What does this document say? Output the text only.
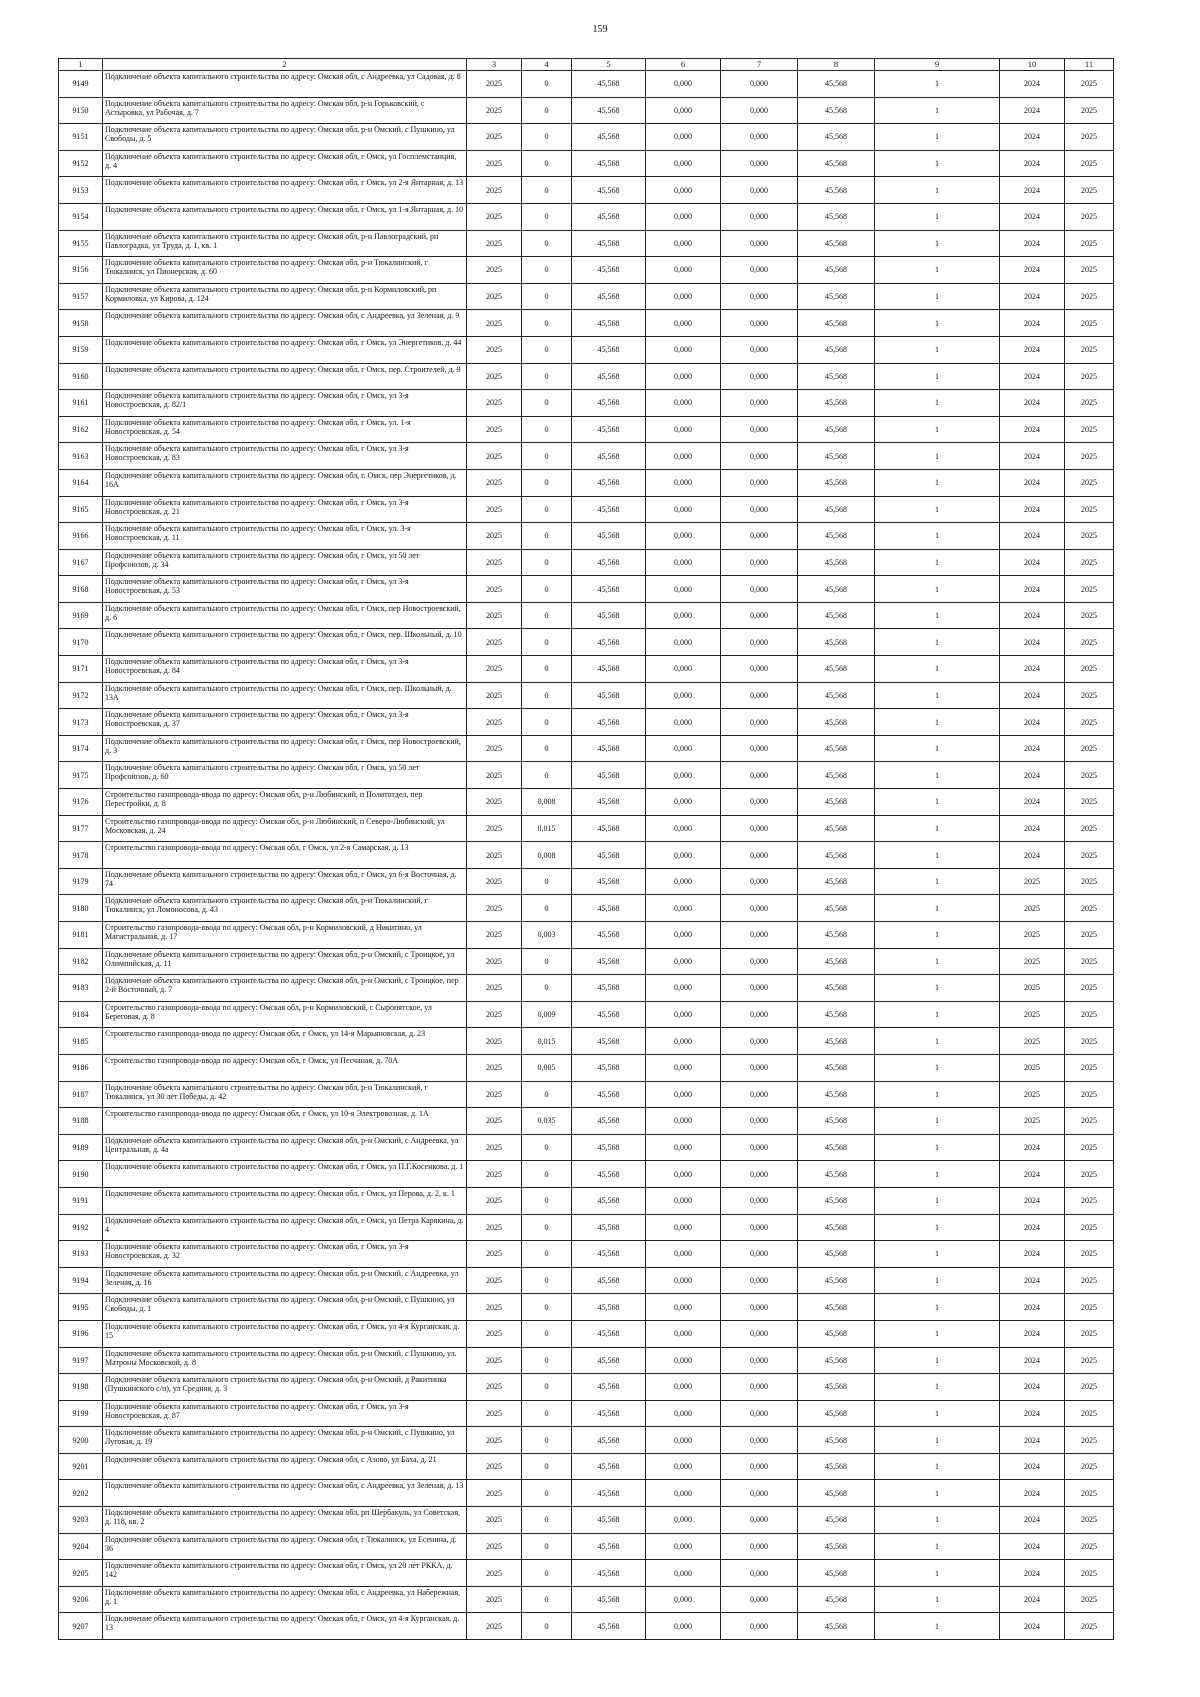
159
1	2	3	4	5	6	7	8	9	10	11
9149	Подключение объекта капитального строительства по адресу: Омская обл, с Андреевка, ул Садовая, д. 8	2025	0	45,568	0,000	0,000	45,568	1	2024	2025
9150	Подключение объекта капитального строительства по адресу: Омская обл, р-н Горьковский, с Астыровка, ул Рабочая, д. 7	2025	0	45,568	0,000	0,000	45,568	1	2024	2025
9151	Подключение объекта капитального строительства по адресу: Омская обл, р-н Омский, с Пушкино, ул Свободы, д. 5	2025	0	45,568	0,000	0,000	45,568	1	2024	2025
9152	Подключение объекта капитального строительства по адресу: Омская обл, г Омск, ул Госплемстанция, д. 4	2025	0	45,568	0,000	0,000	45,568	1	2024	2025
9153	Подключение объекта капитального строительства по адресу: Омская обл, г Омск, ул 2-я Янтарная, д. 13	2025	0	45,568	0,000	0,000	45,568	1	2024	2025
9154	Подключение объекта капитального строительства по адресу: Омская обл, г Омск, ул 1-я Янтарная, д. 10	2025	0	45,568	0,000	0,000	45,568	1	2024	2025
9155	Подключение объекта капитального строительства по адресу: Омская обл, р-н Павлоградский, рп Павлоградка, ул Труда, д. 1, кв. 1	2025	0	45,568	0,000	0,000	45,568	1	2024	2025
9156	Подключение объекта капитального строительства по адресу: Омская обл, р-н Тюкалинский, г Тюкалинск, ул Пионерская, д. 60	2025	0	45,568	0,000	0,000	45,568	1	2024	2025
9157	Подключение объекта капитального строительства по адресу: Омская обл, р-н Кормиловский, рп Кормиловка, ул Кирова, д. 124	2025	0	45,568	0,000	0,000	45,568	1	2024	2025
9158	Подключение объекта капитального строительства по адресу: Омская обл, с Андреевка, ул Зеленая, д. 9	2025	0	45,568	0,000	0,000	45,568	1	2024	2025
9159	Подключение объекта капитального строительства по адресу: Омская обл, г Омск, ул Энергетиков, д. 44	2025	0	45,568	0,000	0,000	45,568	1	2024	2025
9160	Подключение объекта капитального строительства по адресу: Омская обл, г Омск, пер. Строителей, д. 9	2025	0	45,568	0,000	0,000	45,568	1	2024	2025
9161	Подключение объекта капитального строительства по адресу: Омская обл, г Омск, ул 3-я Новостроевская, д. 82/1	2025	0	45,568	0,000	0,000	45,568	1	2024	2025
9162	Подключение объекта капитального строительства по адресу: Омская обл, г Омск, ул. 1-я Новостроевская, д. 54	2025	0	45,568	0,000	0,000	45,568	1	2024	2025
9163	Подключение объекта капитального строительства по адресу: Омская обл, г Омск, ул 3-я Новостроевская, д. 83	2025	0	45,568	0,000	0,000	45,568	1	2024	2025
9164	Подключение объекта капитального строительства по адресу: Омская обл, г. Омск, пер Энергетиков, д. 16А	2025	0	45,568	0,000	0,000	45,568	1	2024	2025
9165	Подключение объекта капитального строительства по адресу: Омская обл, г Омск, ул 3-я Новостроевская, д. 21	2025	0	45,568	0,000	0,000	45,568	1	2024	2025
9166	Подключение объекта капитального строительства по адресу: Омская обл, г Омск, ул. 3-я Новостроевская, д. 11	2025	0	45,568	0,000	0,000	45,568	1	2024	2025
9167	Подключение объекта капитального строительства по адресу: Омская обл, г Омск, ул 50 лет Профсоюзов, д. 34	2025	0	45,568	0,000	0,000	45,568	1	2024	2025
9168	Подключение объекта капитального строительства по адресу: Омская обл, г Омск, ул 3-я Новостроевская, д. 53	2025	0	45,568	0,000	0,000	45,568	1	2024	2025
9169	Подключение объекта капитального строительства по адресу: Омская обл, г Омск, пер Новостроевский, д. 6	2025	0	45,568	0,000	0,000	45,568	1	2024	2025
9170	Подключение объекта капитального строительства по адресу: Омская обл, г Омск, пер. Школьный, д. 10	2025	0	45,568	0,000	0,000	45,568	1	2024	2025
9171	Подключение объекта капитального строительства по адресу: Омская обл, г Омск, ул 3-я Новостроевская, д. 84	2025	0	45,568	0,000	0,000	45,568	1	2024	2025
9172	Подключение объекта капитального строительства по адресу: Омская обл, г Омск, пер. Школьный, д. 13А	2025	0	45,568	0,000	0,000	45,568	1	2024	2025
9173	Подключение объекта капитального строительства по адресу: Омская обл, г Омск, ул 3-я Новостроевская, д. 37	2025	0	45,568	0,000	0,000	45,568	1	2024	2025
9174	Подключение объекта капитального строительства по адресу: Омская обл, г Омск, пер Новостроевский, д. 3	2025	0	45,568	0,000	0,000	45,568	1	2024	2025
9175	Подключение объекта капитального строительства по адресу: Омская обл, г Омск, ул 50 лет Профсоюзов, д. 60	2025	0	45,568	0,000	0,000	45,568	1	2024	2025
9176	Строительство газопровода-ввода по адресу: Омская обл, р-н Любинский, п Политотдел, пер Перестройки, д. 8	2025	0,008	45,568	0,000	0,000	45,568	1	2024	2025
9177	Строительство газопровода-ввода по адресу: Омская обл, р-н Любинский, п Северо-Любинский, ул Московская, д. 24	2025	0,015	45,568	0,000	0,000	45,568	1	2024	2025
9178	Строительство газопровода-ввода по адресу: Омская обл, г Омск, ул 2-я Самарская, д. 13	2025	0,008	45,568	0,000	0,000	45,568	1	2024	2025
9179	Подключение объекта капитального строительства по адресу: Омская обл, г Омск, ул 6-я Восточная, д. 74	2025	0	45,568	0,000	0,000	45,568	1	2025	2025
9180	Подключение объекта капитального строительства по адресу: Омская обл, р-н Тюкалинский, г Тюкалинск, ул Ломоносова, д. 43	2025	0	45,568	0,000	0,000	45,568	1	2025	2025
9181	Строительство газопровода-ввода по адресу: Омская обл, р-н Кормиловский, д Никитино, ул Магистральная, д. 17	2025	0,003	45,568	0,000	0,000	45,568	1	2025	2025
9182	Подключение объекта капитального строительства по адресу: Омская обл, р-н Омский, с Троицкое, ул Олимпийская, д. 11	2025	0	45,568	0,000	0,000	45,568	1	2025	2025
9183	Подключение объекта капитального строительства по адресу: Омская обл, р-н Омский, с Троицкое, пер 2-й Восточный, д. 7	2025	0	45,568	0,000	0,000	45,568	1	2025	2025
9184	Строительство газопровода-ввода по адресу: Омская обл, р-н Кормиловский, с Сыропятское, ул Береговая, д. 8	2025	0,009	45,568	0,000	0,000	45,568	1	2025	2025
9185	Строительство газопровода-ввода по адресу: Омская обл, г Омск, ул 14-я Марьяновская, д. 23	2025	0,015	45,568	0,000	0,000	45,568	1	2025	2025
9186	Строительство газопровода-ввода по адресу: Омская обл, г Омск, ул Песчаная, д. 70А	2025	0,005	45,568	0,000	0,000	45,568	1	2025	2025
9187	Подключение объекта капитального строительства по адресу: Омская обл, р-н Тюкалинский, г Тюкалинск, ул 30 лет Победы, д. 42	2025	0	45,568	0,000	0,000	45,568	1	2025	2025
9188	Строительство газопровода-ввода по адресу: Омская обл, г Омск, ул 10-я Электровозная, д. 1А	2025	0,035	45,568	0,000	0,000	45,568	1	2025	2025
9189	Подключение объекта капитального строительства по адресу: Омская обл, р-н Омский, с Андреевка, ул Центральная, д. 4а	2025	0	45,568	0,000	0,000	45,568	1	2024	2025
9190	Подключение объекта капитального строительства по адресу: Омская обл, г Омск, ул П.Г.Косенкова, д. 1	2025	0	45,568	0,000	0,000	45,568	1	2024	2025
9191	Подключение объекта капитального строительства по адресу: Омская обл, г Омск, ул Перова, д. 2, к. 1	2025	0	45,568	0,000	0,000	45,568	1	2024	2025
9192	Подключение объекта капитального строительства по адресу: Омская обл, г Омск, ул Петра Карякина, д. 4	2025	0	45,568	0,000	0,000	45,568	1	2024	2025
9193	Подключение объекта капитального строительства по адресу: Омская обл, г Омск, ул 3-я Новостроевская, д. 32	2025	0	45,568	0,000	0,000	45,568	1	2024	2025
9194	Подключение объекта капитального строительства по адресу: Омская обл, р-н Омский, с Андреевка, ул Зеленая, д. 16	2025	0	45,568	0,000	0,000	45,568	1	2024	2025
9195	Подключение объекта капитального строительства по адресу: Омская обл, р-н Омский, с Пушкино, ул Свободы, д. 1	2025	0	45,568	0,000	0,000	45,568	1	2024	2025
9196	Подключение объекта капитального строительства по адресу: Омская обл, г Омск, ул 4-я Курганская, д. 15	2025	0	45,568	0,000	0,000	45,568	1	2024	2025
9197	Подключение объекта капитального строительства по адресу: Омская обл, р-н Омский, с Пушкино, ул. Матроны Московской, д. 8	2025	0	45,568	0,000	0,000	45,568	1	2024	2025
9198	Подключение объекта капитального строительства по адресу: Омская обл, р-н Омский, д Ракитинка (Пушкинского с/п), ул Средняя, д. 3	2025	0	45,568	0,000	0,000	45,568	1	2024	2025
9199	Подключение объекта капитального строительства по адресу: Омская обл, г Омск, ул 3-я Новостроевская, д. 87	2025	0	45,568	0,000	0,000	45,568	1	2024	2025
9200	Подключение объекта капитального строительства по адресу: Омская обл, р-н Омский, с Пушкино, ул Луговая, д. 19	2025	0	45,568	0,000	0,000	45,568	1	2024	2025
9201	Подключение объекта капитального строительства по адресу: Омская обл, с Азово, ул Баха, д. 21	2025	0	45,568	0,000	0,000	45,568	1	2024	2025
9202	Подключение объекта капитального строительства по адресу: Омская обл, с Андреевка, ул Зеленая, д. 13	2025	0	45,568	0,000	0,000	45,568	1	2024	2025
9203	Подключение объекта капитального строительства по адресу: Омская обл, рп Шербакуль, ул Советская, д. 118, кв. 2	2025	0	45,568	0,000	0,000	45,568	1	2024	2025
9204	Подключение объекта капитального строительства по адресу: Омская обл, г Тюкалинск, ул Есенина, д. 36	2025	0	45,568	0,000	0,000	45,568	1	2024	2025
9205	Подключение объекта капитального строительства по адресу: Омская обл, г Омск, ул 20 лет РККА, д. 142	2025	0	45,568	0,000	0,000	45,568	1	2024	2025
9206	Подключение объекта капитального строительства по адресу: Омская обл, с Андреевка, ул Набережная, д. 1	2025	0	45,568	0,000	0,000	45,568	1	2024	2025
9207	Подключение объекта капитального строительства по адресу: Омская обл, г Омск, ул 4-я Курганская, д. 13	2025	0	45,568	0,000	0,000	45,568	1	2024	2025
